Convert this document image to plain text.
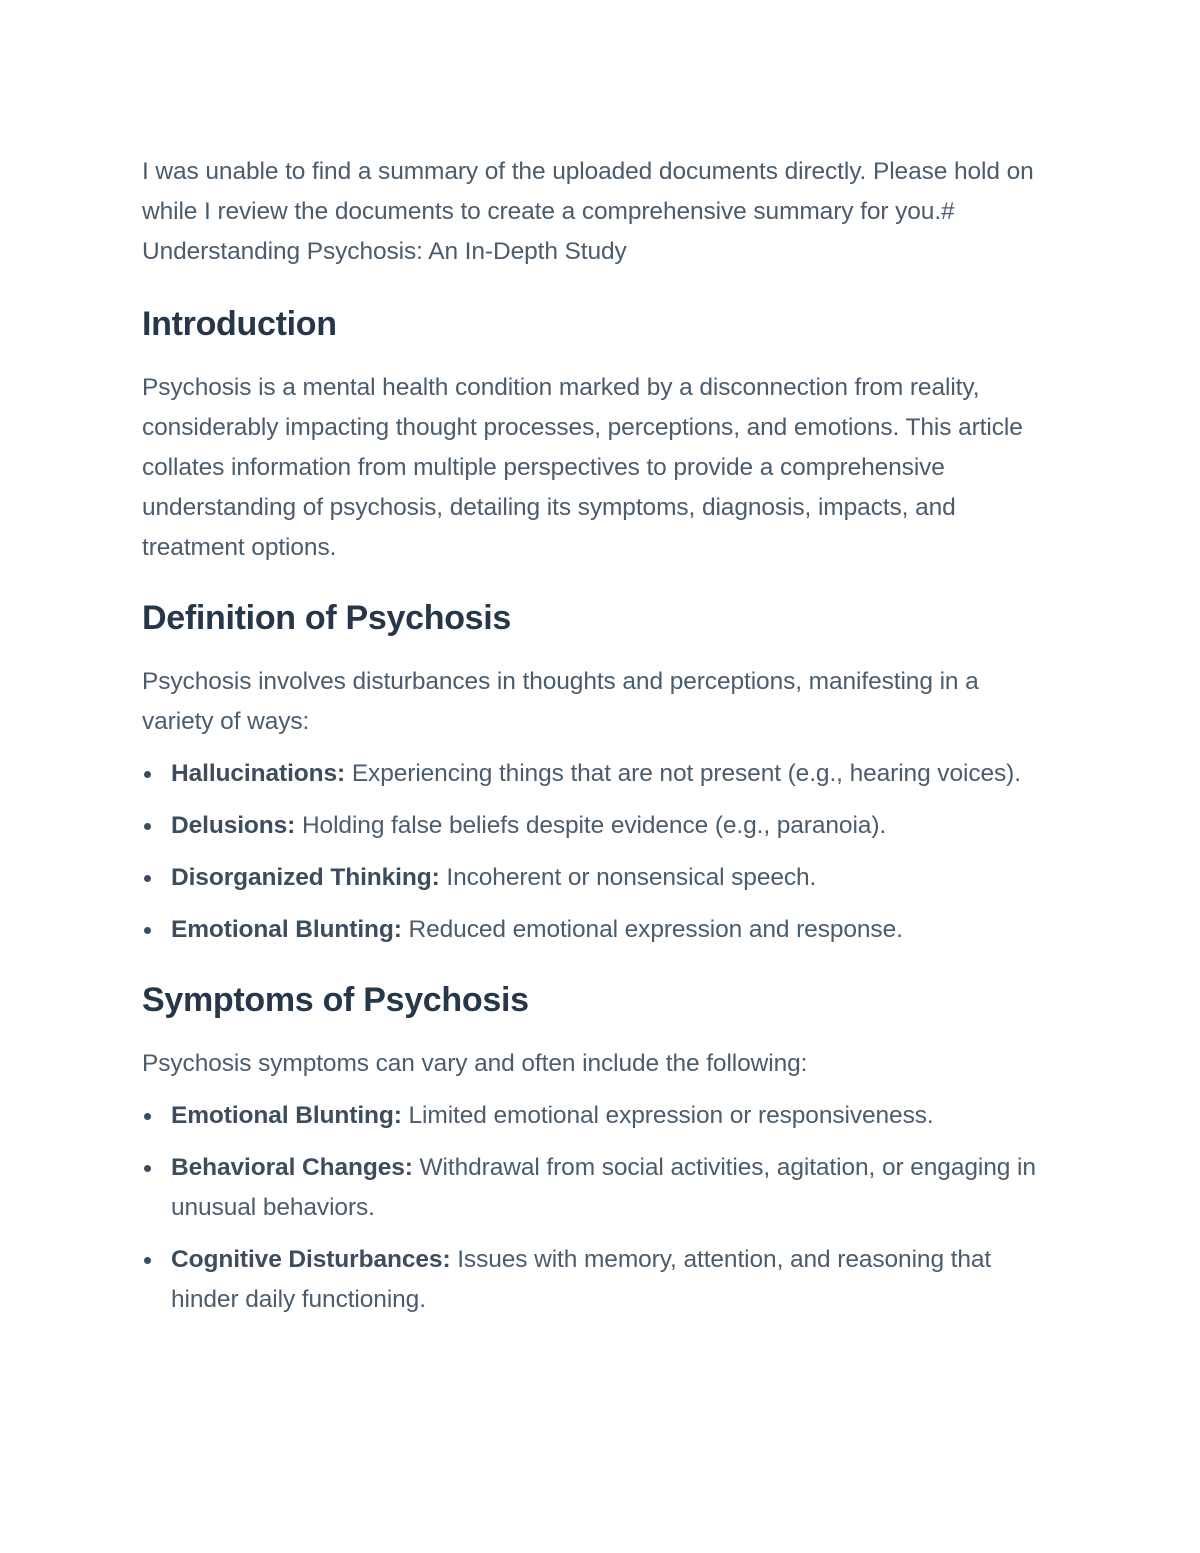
I was unable to find a summary of the uploaded documents directly. Please hold on while I review the documents to create a comprehensive summary for you.# Understanding Psychosis: An In-Depth Study

Introduction

Psychosis is a mental health condition marked by a disconnection from reality, considerably impacting thought processes, perceptions, and emotions. This article collates information from multiple perspectives to provide a comprehensive understanding of psychosis, detailing its symptoms, diagnosis, impacts, and treatment options.

Definition of Psychosis

Psychosis involves disturbances in thoughts and perceptions, manifesting in a variety of ways:

Hallucinations: Experiencing things that are not present (e.g., hearing voices).
Delusions: Holding false beliefs despite evidence (e.g., paranoia).
Disorganized Thinking: Incoherent or nonsensical speech.
Emotional Blunting: Reduced emotional expression and response.
Symptoms of Psychosis

Psychosis symptoms can vary and often include the following:

Emotional Blunting: Limited emotional expression or responsiveness.
Behavioral Changes: Withdrawal from social activities, agitation, or engaging in unusual behaviors.
Cognitive Disturbances: Issues with memory, attention, and reasoning that hinder daily functioning.
